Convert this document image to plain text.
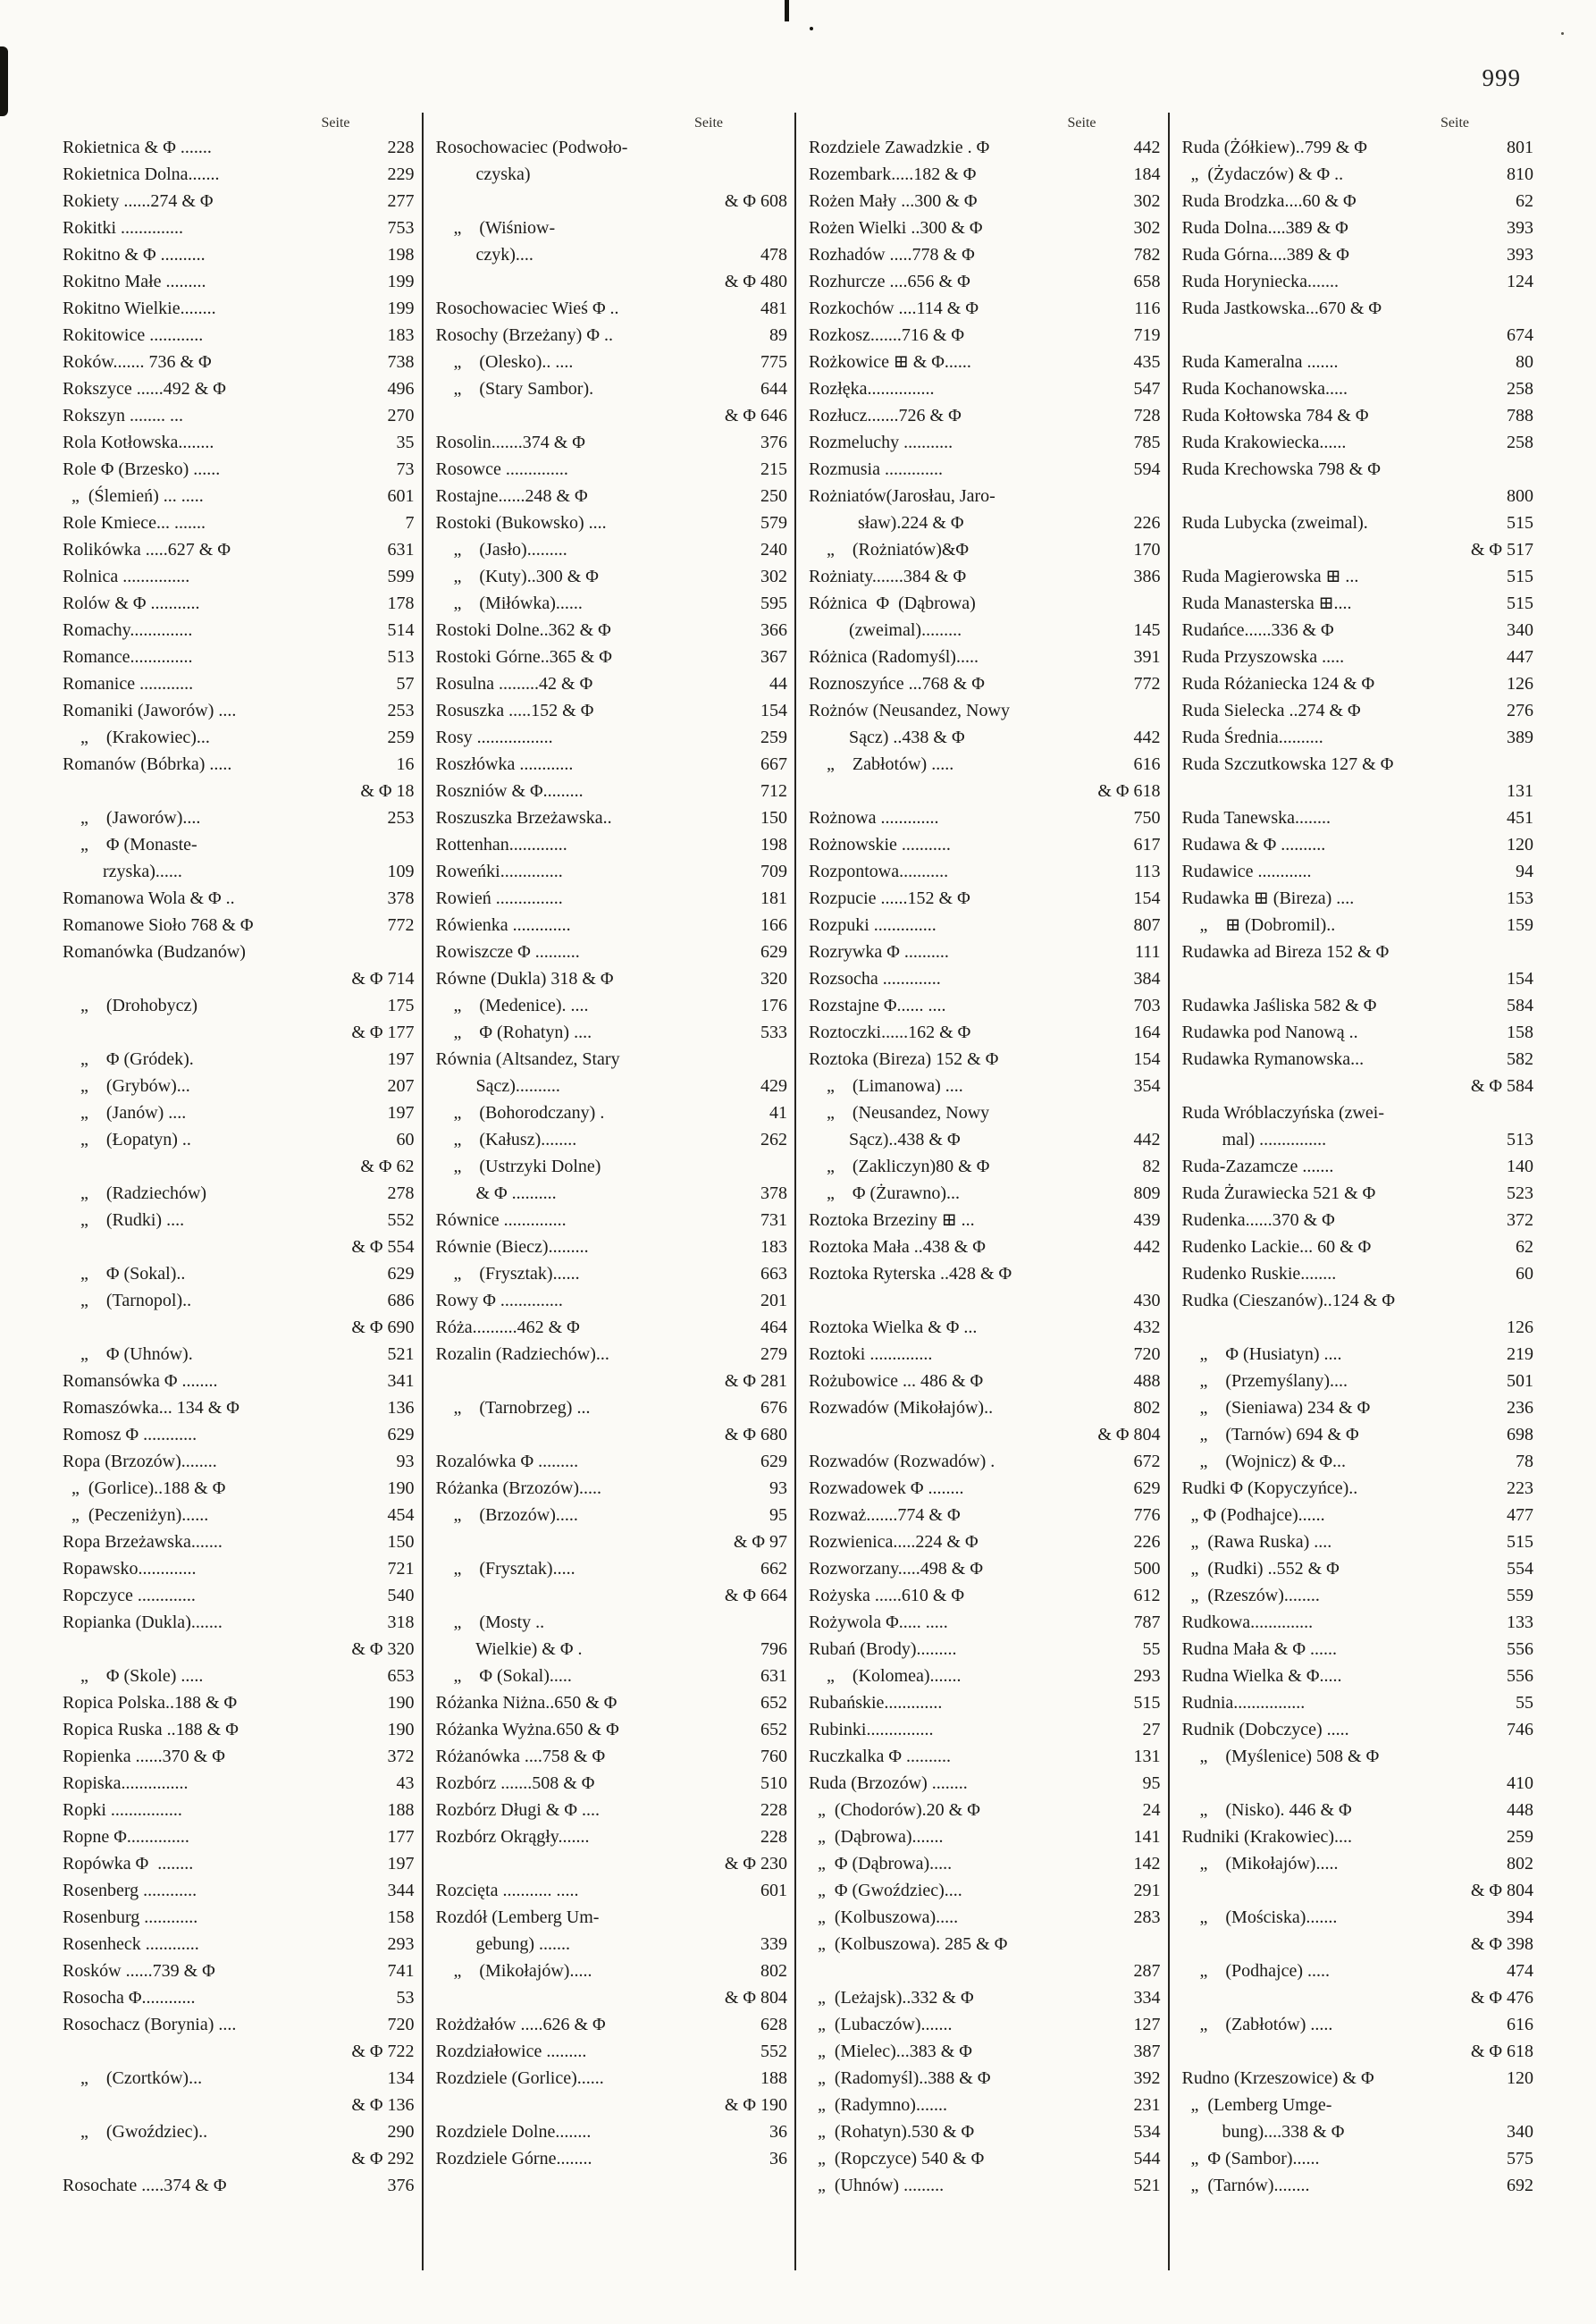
999
Seite
Rokietnica & Φ .......	228
Rokietnica Dolna.......	229
Rokiety ......274 & Φ	277
Rokitki ..............	753
Rokitno & Φ ..........	198
Rokitno Małe .........	199
Rokitno Wielkie........	199
Rokitowice ............	183
Roków....... 736 & Φ	738
Rokszyce ......492 & Φ	496
Rokszyn ........ ...	270
Rola Kotłowska........	35
Role Φ (Brzesko) ......	73
„  (Ślemień) ... .....	601
Role Kmiece... .......	7
Rolikówka .....627 & Φ	631
Rolnica ...............	599
Rolów & Φ ...........	178
Romachy..............	514
Romance..............	513
Romanice ............	57
Romaniki (Jaworów) ....	253
„    (Krakowiec)...	259
Romanów (Bóbrka) .....	16
& Φ 18
„    (Jaworów)....	253
„    Φ (Monaste-
rzyska)......	109
Romanowa Wola & Φ ..	378
Romanowe Sioło 768 & Φ	772
Romanówka (Budzanów)
& Φ 714
„    (Drohobycz)	175
& Φ 177
„    Φ (Gródek).	197
„    (Grybów)...	207
„    (Janów) ....	197
„    (Łopatyn) ..	60
& Φ 62
„    (Radziechów)	278
„    (Rudki) ....	552
& Φ 554
„    Φ (Sokal)..	629
„    (Tarnopol)..	686
& Φ 690
„    Φ (Uhnów).	521
Romansówka Φ ........	341
Romaszówka... 134 & Φ	136
Romosz Φ ............	629
Ropa (Brzozów)........	93
„  (Gorlice)..188 & Φ	190
„  (Peczeniżyn)......	454
Ropa Brzeżawska.......	150
Ropawsko.............	721
Ropczyce .............	540
Ropianka (Dukla).......	318
& Φ 320
„    Φ (Skole) .....	653
Ropica Polska..188 & Φ	190
Ropica Ruska ..188 & Φ	190
Ropienka ......370 & Φ	372
Ropiska...............	43
Ropki ................	188
Ropne Φ..............	177
Ropówka Φ  ........	197
Rosenberg ............	344
Rosenburg ............	158
Rosenheck ............	293
Rosków ......739 & Φ	741
Rosocha Φ............	53
Rosochacz (Borynia) ....	720
& Φ 722
„    (Czortków)...	134
& Φ 136
„    (Gwoździec)..	290
& Φ 292
Rosochate .....374 & Φ	376
Seite
Rosochowaciec (Podwoło-
czyska)
& Φ 608
„    (Wiśniow-
czyk)....	478
& Φ 480
Rosochowaciec Wieś Φ ..	481
Rosochy (Brzeżany) Φ ..	89
„    (Olesko).. ....	775
„    (Stary Sambor).	644
& Φ 646
Rosolin.......374 & Φ	376
Rosowce ..............	215
Rostajne......248 & Φ	250
Rostoki (Bukowsko) ....	579
„    (Jasło).........	240
„    (Kuty)..300 & Φ	302
„    (Miłówka)......	595
Rostoki Dolne..362 & Φ	366
Rostoki Górne..365 & Φ	367
Rosulna .........42 & Φ	44
Rosuszka .....152 & Φ	154
Rosy .................	259
Roszłówka ............	667
Roszniów & Φ.........	712
Roszuszka Brzeżawska..	150
Rottenhan.............	198
Roweńki..............	709
Rowień ...............	181
Rówienka .............	166
Rowiszcze Φ ..........	629
Równe (Dukla) 318 & Φ	320
„    (Medenice). ....	176
„    Φ (Rohatyn) ....	533
Równia (Altsandez, Stary
Sącz)..........	429
„    (Bohorodczany) .	41
„    (Kałusz)........	262
„    (Ustrzyki Dolne)
& Φ ..........	378
Równice ..............	731
Równie (Biecz).........	183
„    (Frysztak)......	663
Rowy Φ ..............	201
Róża..........462 & Φ	464
Rozalin (Radziechów)...	279
& Φ 281
„    (Tarnobrzeg) ...	676
& Φ 680
Rozalówka Φ .........	629
Różanka (Brzozów).....	93
„    (Brzozów).....	95
& Φ 97
„    (Frysztak).....	662
& Φ 664
„    (Mosty ..
Wielkie) & Φ .	796
„    Φ (Sokal).....	631
Różanka Niżna..650 & Φ	652
Różanka Wyżna.650 & Φ	652
Różanówka ....758 & Φ	760
Rozbórz .......508 & Φ	510
Rozbórz Długi & Φ ....	228
Rozbórz Okrągły.......	228
& Φ 230
Rozcięta ........... .....	601
Rozdół (Lemberg Um-
gebung) .......	339
„    (Mikołajów).....	802
& Φ 804
Rożdżałów .....626 & Φ	628
Rozdziałowice .........	552
Rozdziele (Gorlice)......	188
& Φ 190
Rozdziele Dolne........	36
Rozdziele Górne........	36
Seite
Rozdziele Zawadzkie . Φ	442
Rozembark.....182 & Φ	184
Rożen Mały ...300 & Φ	302
Rożen Wielki ..300 & Φ	302
Rozhadów .....778 & Φ	782
Rozhurcze ....656 & Φ	658
Rozkochów ....114 & Φ	116
Rozkosz.......716 & Φ	719
Rożkowice ⊞ & Φ......	435
Rozłęka...............	547
Rozłucz.......726 & Φ	728
Rozmeluchy ...........	785
Rozmusia .............	594
Rożniatów(Jarosłau, Jaro-
sław).224 & Φ	226
„    (Rożniatów)&Φ	170
Rożniaty.......384 & Φ	386
Różnica  Φ  (Dąbrowa)
(zweimal).........	145
Różnica (Radomyśl).....	391
Roznoszyńce ...768 & Φ	772
Rożnów (Neusandez, Nowy
Sącz) ..438 & Φ	442
„    Zabłotów) .....	616
& Φ 618
Rożnowa .............	750
Rożnowskie ...........	617
Rozpontowa...........	113
Rozpucie ......152 & Φ	154
Rozpuki ..............	807
Rozrywka Φ ..........	111
Rozsocha .............	384
Rozstajne Φ...... ....	703
Roztoczki......162 & Φ	164
Roztoka (Bireza) 152 & Φ	154
„    (Limanowa) ....	354
„    (Neusandez, Nowy
Sącz)..438 & Φ	442
„    (Zakliczyn)80 & Φ	82
„    Φ (Żurawno)...	809
Roztoka Brzeziny ⊞ ...	439
Roztoka Mała ..438 & Φ	442
Roztoka Ryterska ..428 & Φ
430
Roztoka Wielka & Φ ...	432
Roztoki ..............	720
Rożubowice ... 486 & Φ	488
Rozwadów (Mikołajów)..	802
& Φ 804
Rozwadów (Rozwadów) .	672
Rozwadowek Φ ........	629
Rozważ.......774 & Φ	776
Rozwienica.....224 & Φ	226
Rozworzany.....498 & Φ	500
Rożyska ......610 & Φ	612
Rożywola Φ..... .....	787
Rubań (Brody).........	55
„    (Kolomea).......	293
Rubańskie.............	515
Rubinki...............	27
Ruczkalka Φ ..........	131
Ruda (Brzozów) ........	95
„  (Chodorów).20 & Φ	24
„  (Dąbrowa).......	141
„  Φ (Dąbrowa).....	142
„  Φ (Gwoździec)....	291
„  (Kolbuszowa).....	283
„  (Kolbuszowa). 285 & Φ
287
„  (Leżajsk)..332 & Φ	334
„  (Lubaczów).......	127
„  (Mielec)...383 & Φ	387
„  (Radomyśl)..388 & Φ	392
„  (Radymno).......	231
„  (Rohatyn).530 & Φ	534
„  (Ropczyce) 540 & Φ	544
„  (Uhnów) .........	521
Seite
Ruda (Żółkiew)..799 & Φ	801
„  (Żydaczów) & Φ ..	810
Ruda Brodzka....60 & Φ	62
Ruda Dolna....389 & Φ	393
Ruda Górna....389 & Φ	393
Ruda Horyniecka.......	124
Ruda Jastkowska...670 & Φ
674
Ruda Kameralna .......	80
Ruda Kochanowska.....	258
Ruda Kołtowska 784 & Φ	788
Ruda Krakowiecka......	258
Ruda Krechowska 798 & Φ
800
Ruda Lubycka (zweimal).	515
& Φ 517
Ruda Magierowska ⊞ ...	515
Ruda Manasterska ⊞....	515
Rudańce......336 & Φ	340
Ruda Przyszowska .....	447
Ruda Różaniecka 124 & Φ	126
Ruda Sielecka ..274 & Φ	276
Ruda Średnia..........	389
Ruda Szczutkowska 127 & Φ
131
Ruda Tanewska........	451
Rudawa & Φ ..........	120
Rudawice ............	94
Rudawka ⊞ (Bireza) ....	153
„    ⊞ (Dobromil)..	159
Rudawka ad Bireza 152 & Φ
154
Rudawka Jaśliska 582 & Φ	584
Rudawka pod Nanową ..	158
Rudawka Rymanowska...	582
& Φ 584
Ruda Wróblaczyńska (zwei-
mal) ...............	513
Ruda-Zazamcze .......	140
Ruda Żurawiecka 521 & Φ	523
Rudenka......370 & Φ	372
Rudenko Lackie... 60 & Φ	62
Rudenko Ruskie........	60
Rudka (Cieszanów)..124 & Φ
126
„    Φ (Husiatyn) ....	219
„    (Przemyślany)....	501
„    (Sieniawa) 234 & Φ	236
„    (Tarnów) 694 & Φ	698
„    (Wojnicz) & Φ...	78
Rudki Φ (Kopyczyńce)..	223
„ Φ (Podhajce)......	477
„  (Rawa Ruska) ....	515
„  (Rudki) ..552 & Φ	554
„  (Rzeszów)........	559
Rudkowa..............	133
Rudna Mała & Φ ......	556
Rudna Wielka & Φ.....	556
Rudnia................	55
Rudnik (Dobczyce) .....	746
„    (Myślenice) 508 & Φ
410
„    (Nisko). 446 & Φ	448
Rudniki (Krakowiec)....	259
„    (Mikołajów).....	802
& Φ 804
„    (Mościska).......	394
& Φ 398
„    (Podhajce) .....	474
& Φ 476
„    (Zabłotów) .....	616
& Φ 618
Rudno (Krzeszowice) & Φ	120
„  (Lemberg Umge-
bung)....338 & Φ	340
„  Φ (Sambor)......	575
„  (Tarnów)........	692
